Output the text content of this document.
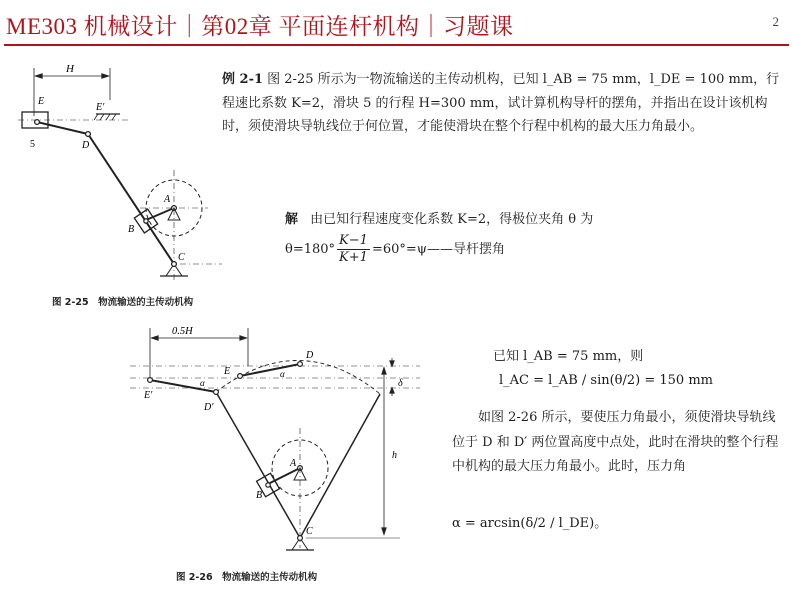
ME303 机械设计｜第02章 平面连杆机构｜习题课	2
H
E
E′
5	D
A
B
C
图 2-25　物流输送的主传动机构
例 2-1 图 2-25 所示为一物流输送的主传动机构，已知 l_AB = 75 mm，l_DE = 100 mm，行程速比系数 K=2，滑块 5 的行程 H=300 mm，试计算机构导杆的摆角，并指出在设计该机构时，须使滑块导轨线位于何位置，才能使滑块在整个行程中机构的最大压力角最小。
解 由已知行程速度变化系数 K=2，得极位夹角 θ 为
$\theta=180^\circ \frac{K-1}{K+1}$ =60°=ψ——导杆摆角
0.5H
D
E
E′
D′
α
α
δ
h
A
B
C
图 2-26　物流输送的主传动机构
已知 l_AB = 75 mm，则
l_AC = l_AB / sin(θ/2) = 150 mm
如图 2-26 所示，要使压力角最小，须使滑块导轨线位于 D 和 D′ 两位置高度中点处，此时在滑块的整个行程中机构的最大压力角最小。此时，压力角
α = arcsin(δ/2 / l_DE)。
